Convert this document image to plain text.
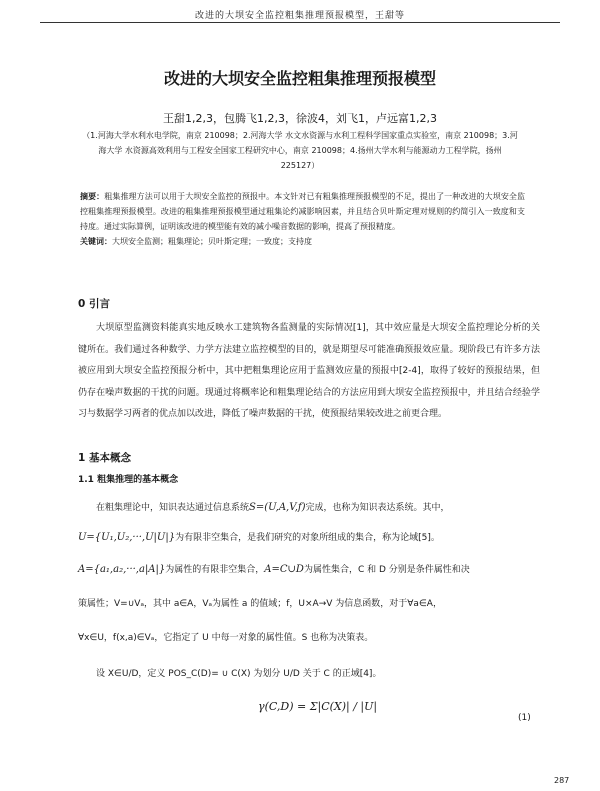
改进的大坝安全监控粗集推理预报模型，王甜等
改进的大坝安全监控粗集推理预报模型
王甜1,2,3，包腾飞1,2,3，徐波4，刘飞1，卢远富1,2,3
（1.河海大学水利水电学院，南京 210098；2.河海大学 水文水资源与水利工程科学国家重点实验室，南京 210098；3.河海大学 水资源高效利用与工程安全国家工程研究中心，南京 210098；4.扬州大学水利与能源动力工程学院，扬州 225127）
摘要：粗集推理方法可以用于大坝安全监控的预报中。本文针对已有粗集推理预报模型的不足，提出了一种改进的大坝安全监控粗集推理预报模型。改进的粗集推理预报模型通过粗集论约减影响因素，并且结合贝叶斯定理对规则的约简引入一致度和支持度。通过实际算例，证明该改进的模型能有效的减小噪音数据的影响，提高了预报精度。
关键词：大坝安全监测；粗集理论；贝叶斯定理；一致度；支持度
0 引言
大坝原型监测资料能真实地反映水工建筑物各监测量的实际情况[1]，其中效应量是大坝安全监控理论分析的关键所在。我们通过各种数学、力学方法建立监控模型的目的，就是期望尽可能准确预报效应量。现阶段已有许多方法被应用到大坝安全监控预报分析中，其中把粗集理论应用于监测效应量的预报中[2-4]，取得了较好的预报结果，但仍存在噪声数据的干扰的问题。现通过将概率论和粗集理论结合的方法应用到大坝安全监控预报中，并且结合经验学习与数据学习两者的优点加以改进，降低了噪声数据的干扰，使预报结果较改进之前更合理。
1 基本概念
1.1 粗集推理的基本概念
在粗集理论中，知识表达通过信息系统S=(U,A,V,f)完成，也称为知识表达系统。其中，
U={U₁,U₂,···,U|U|}为有限非空集合，是我们研究的对象所组成的集合，称为论域[5]。
A={a₁,a₂,···,a|A|}为属性的有限非空集合，A=C∪D为属性集合，C 和 D 分别是条件属性和决
策属性；V=∪Vₐ，其中 a∈A，Vₐ为属性 a 的值域；f，U×A→V 为信息函数，对于∀a∈A，
∀x∈U，f(x,a)∈Vₐ，它指定了 U 中每一对象的属性值。S 也称为决策表。
设 X∈U/D，定义 POS_C(D)= ∪ C(X) 为划分 U/D 关于 C 的正域[4]。
γ(C,D) = Σ|C(X)| / |U|
(1)
287
